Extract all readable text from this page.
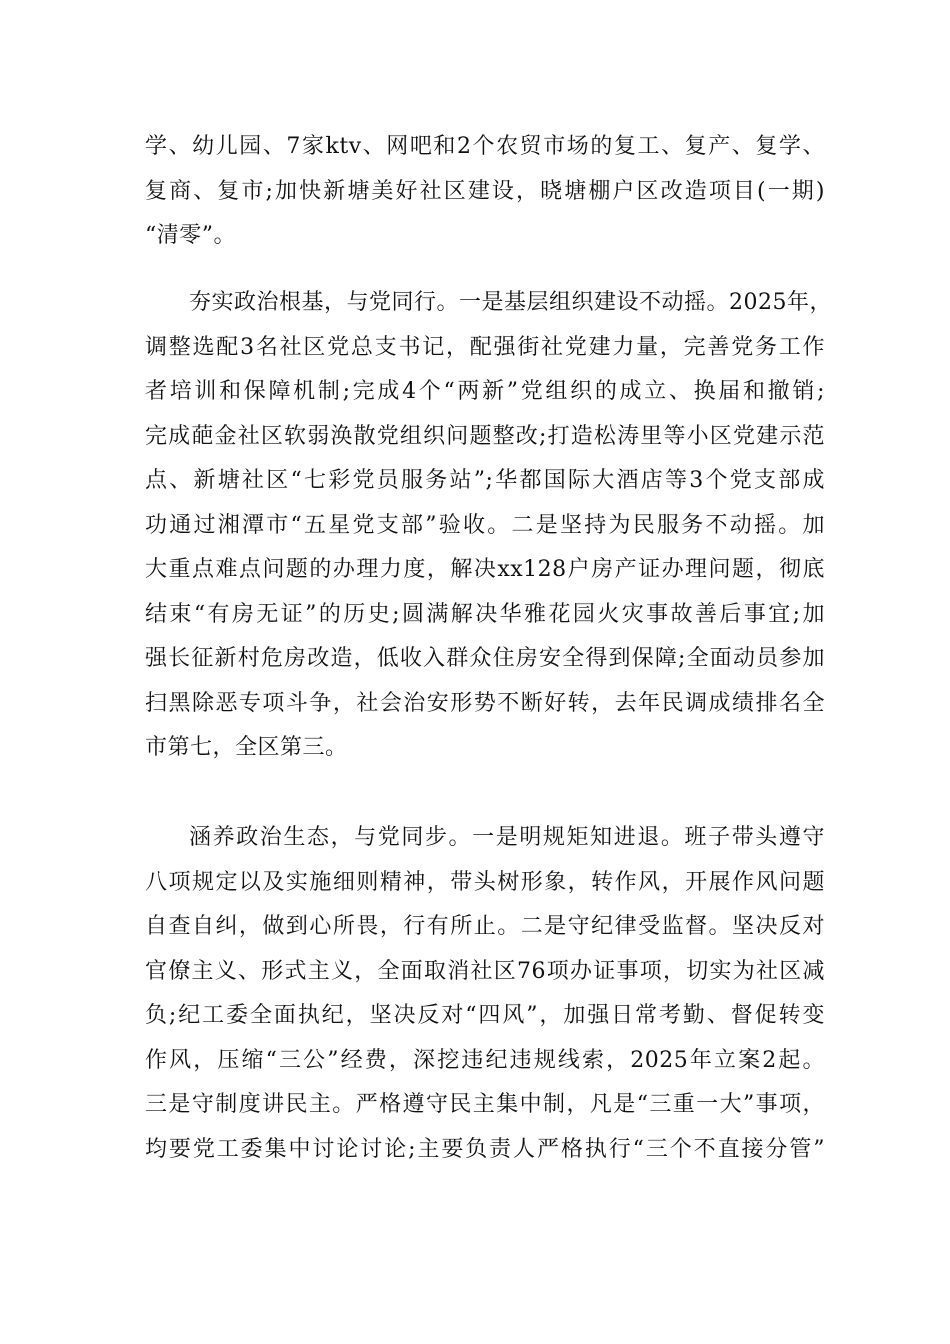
学、幼儿园、7家ktv、网吧和2个农贸市场的复工、复产、复学、
复商、复市;加快新塘美好社区建设，晓塘棚户区改造项目(一期)
“清零”。
夯实政治根基，与党同行。一是基层组织建设不动摇。2025年，
调整选配3名社区党总支书记，配强街社党建力量，完善党务工作
者培训和保障机制;完成4个“两新”党组织的成立、换届和撤销;
完成葩金社区软弱涣散党组织问题整改;打造松涛里等小区党建示范
点、新塘社区“七彩党员服务站”;华都国际大酒店等3个党支部成
功通过湘潭市“五星党支部”验收。二是坚持为民服务不动摇。加
大重点难点问题的办理力度，解决xx128户房产证办理问题，彻底
结束“有房无证”的历史;圆满解决华雅花园火灾事故善后事宜;加
强长征新村危房改造，低收入群众住房安全得到保障;全面动员参加
扫黑除恶专项斗争，社会治安形势不断好转，去年民调成绩排名全
市第七，全区第三。
涵养政治生态，与党同步。一是明规矩知进退。班子带头遵守
八项规定以及实施细则精神，带头树形象，转作风，开展作风问题
自查自纠，做到心所畏，行有所止。二是守纪律受监督。坚决反对
官僚主义、形式主义，全面取消社区76项办证事项，切实为社区减
负;纪工委全面执纪，坚决反对“四风”，加强日常考勤、督促转变
作风，压缩“三公”经费，深挖违纪违规线索，2025年立案2起。
三是守制度讲民主。严格遵守民主集中制，凡是“三重一大”事项，
均要党工委集中讨论讨论;主要负责人严格执行“三个不直接分管”
